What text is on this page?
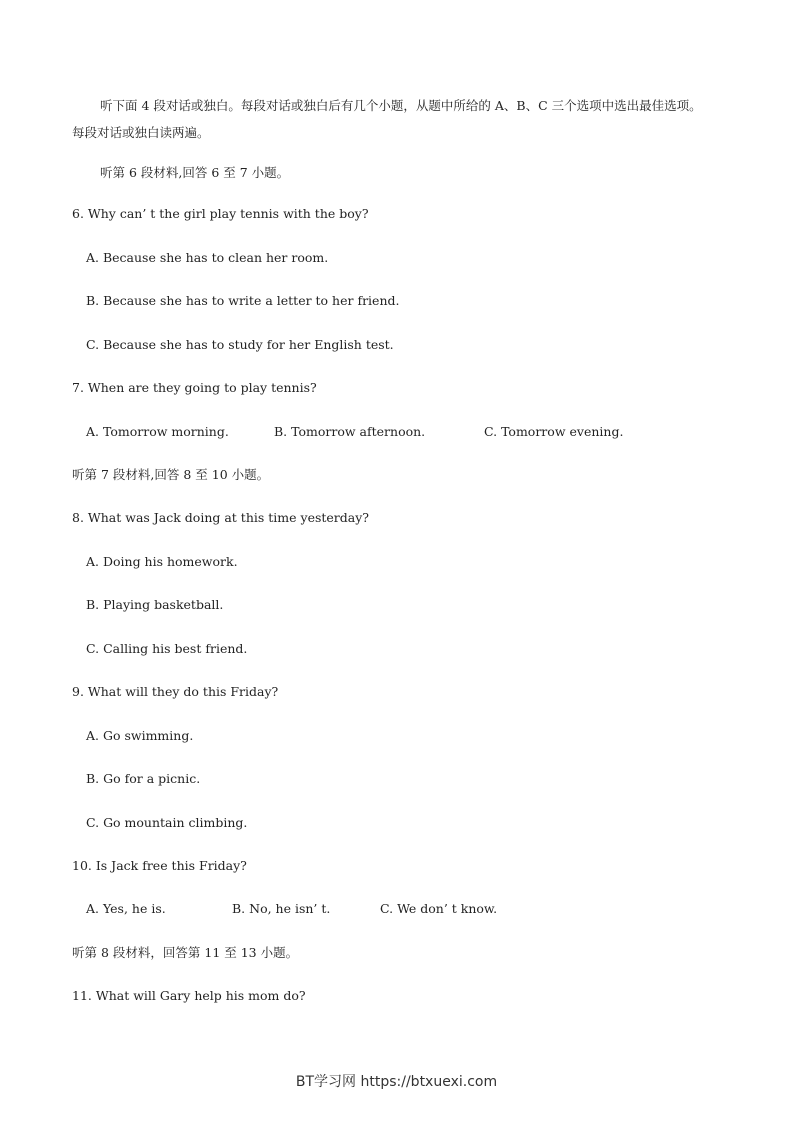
听下面 4 段对话或独白。每段对话或独白后有几个小题，从题中所给的 A、B、C 三个选项中选出最佳选项。每段对话或独白读两遍。
听第 6 段材料,回答 6 至 7 小题。
6. Why can’ t the girl play tennis with the boy?
A. Because she has to clean her room.
B. Because she has to write a letter to her friend.
C. Because she has to study for her English test.
7. When are they going to play tennis?
A. Tomorrow morning.	B. Tomorrow afternoon.	C. Tomorrow evening.
听第 7 段材料,回答 8 至 10 小题。
8. What was Jack doing at this time yesterday?
A. Doing his homework.
B. Playing basketball.
C. Calling his best friend.
9. What will they do this Friday?
A. Go swimming.
B. Go for a picnic.
C. Go mountain climbing.
10. Is Jack free this Friday?
A. Yes, he is.	B. No, he isn’ t.	C. We don’ t know.
听第 8 段材料，回答第 11 至 13 小题。
11. What will Gary help his mom do?
BT学习网 https://btxuexi.com
